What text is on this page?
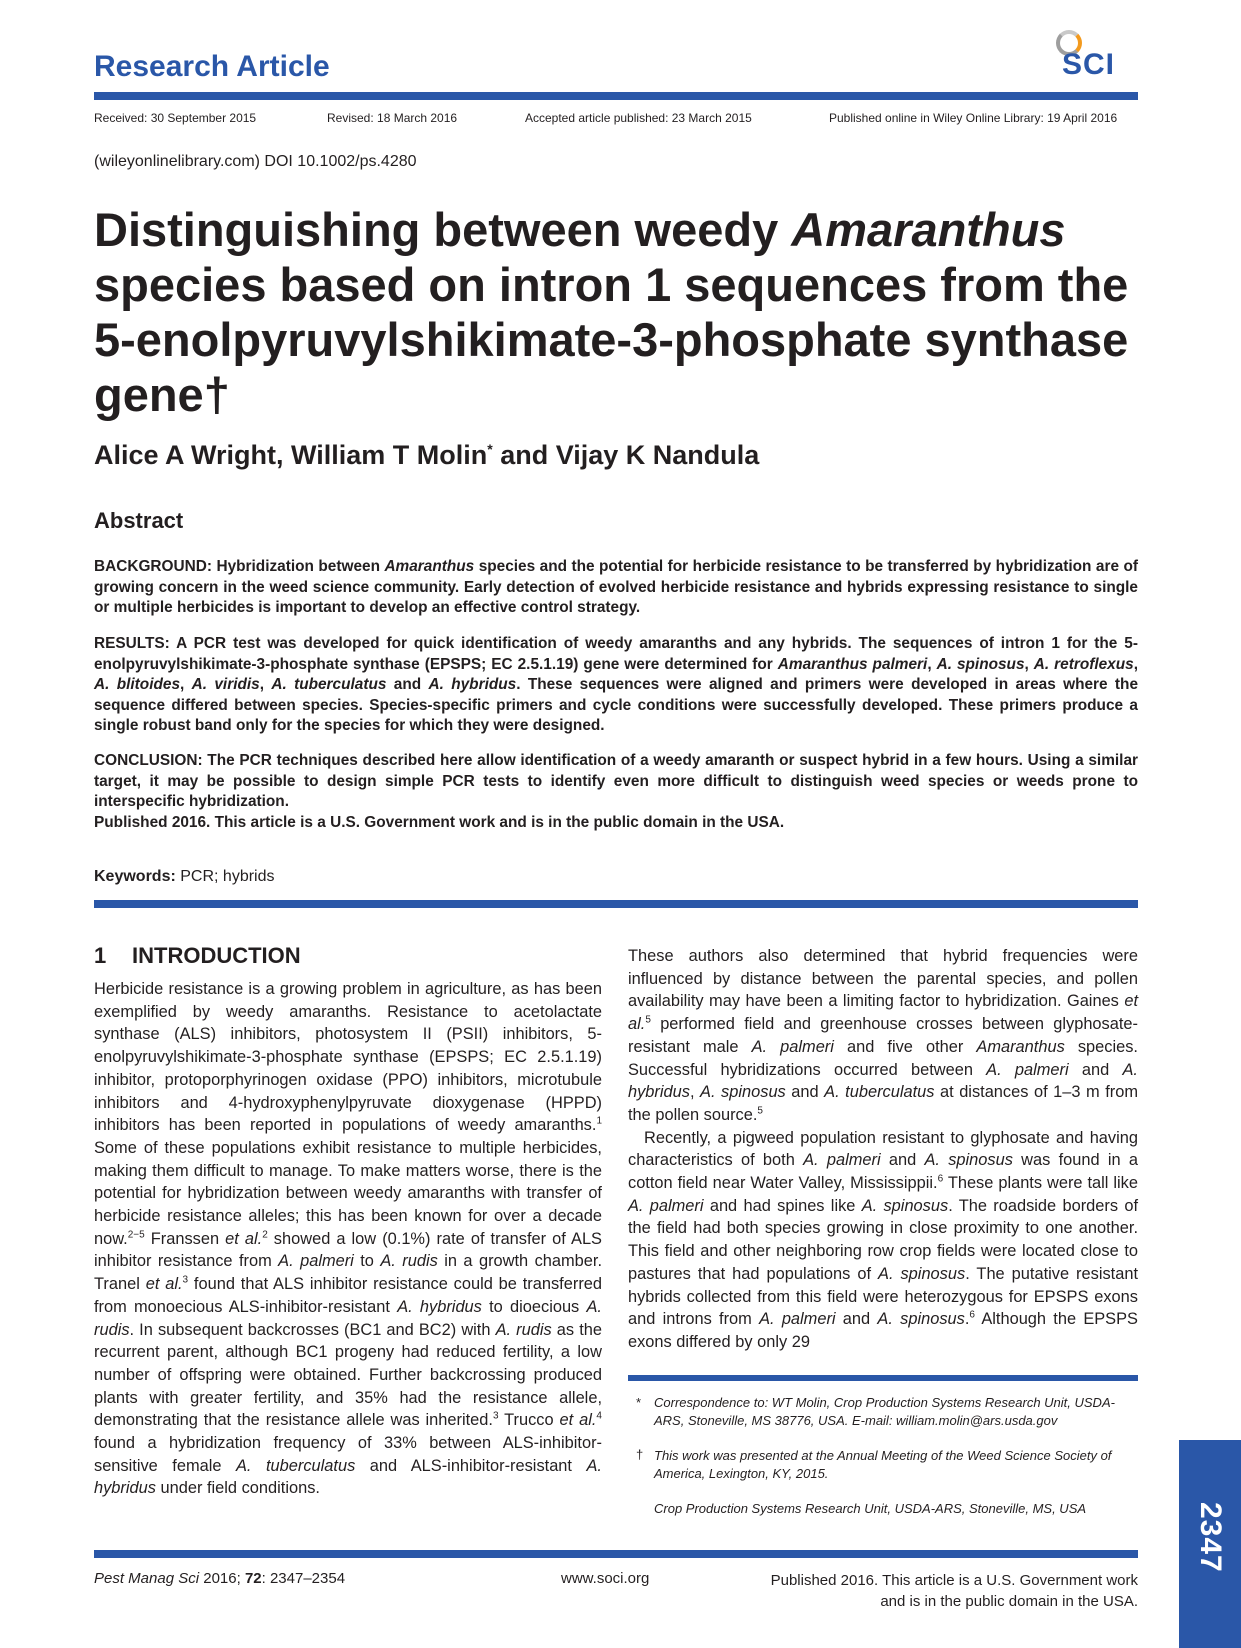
Research Article	SCI
Received: 30 September 2015	Revised: 18 March 2016	Accepted article published: 23 March 2015	Published online in Wiley Online Library: 19 April 2016
(wileyonlinelibrary.com) DOI 10.1002/ps.4280
Distinguishing between weedy Amaranthus species based on intron 1 sequences from the 5-enolpyruvylshikimate-3-phosphate synthase gene†
Alice A Wright, William T Molin* and Vijay K Nandula
Abstract
BACKGROUND: Hybridization between Amaranthus species and the potential for herbicide resistance to be transferred by hybridization are of growing concern in the weed science community. Early detection of evolved herbicide resistance and hybrids expressing resistance to single or multiple herbicides is important to develop an effective control strategy.
RESULTS: A PCR test was developed for quick identification of weedy amaranths and any hybrids. The sequences of intron 1 for the 5-enolpyruvylshikimate-3-phosphate synthase (EPSPS; EC 2.5.1.19) gene were determined for Amaranthus palmeri, A. spinosus, A. retroflexus, A. blitoides, A. viridis, A. tuberculatus and A. hybridus. These sequences were aligned and primers were developed in areas where the sequence differed between species. Species-specific primers and cycle conditions were successfully developed. These primers produce a single robust band only for the species for which they were designed.
CONCLUSION: The PCR techniques described here allow identification of a weedy amaranth or suspect hybrid in a few hours. Using a similar target, it may be possible to design simple PCR tests to identify even more difficult to distinguish weed species or weeds prone to interspecific hybridization.
Published 2016. This article is a U.S. Government work and is in the public domain in the USA.
Keywords: PCR; hybrids
1 INTRODUCTION

Herbicide resistance is a growing problem in agriculture, as has been exemplified by weedy amaranths. Resistance to acetolactate synthase (ALS) inhibitors, photosystem II (PSII) inhibitors, 5-enolpyruvylshikimate-3-phosphate synthase (EPSPS; EC 2.5.1.19) inhibitor, protoporphyrinogen oxidase (PPO) inhibitors, microtubule inhibitors and 4-hydroxyphenylpyruvate dioxygenase (HPPD) inhibitors has been reported in populations of weedy amaranths.$^1$ Some of these populations exhibit resistance to multiple herbicides, making them difficult to manage. To make matters worse, there is the potential for hybridization between weedy amaranths with transfer of herbicide resistance alleles; this has been known for over a decade now.$^{2-5}$ Franssen et al.$^2$ showed a low (0.1%) rate of transfer of ALS inhibitor resistance from A. palmeri to A. rudis in a growth chamber. Tranel et al.$^3$ found that ALS inhibitor resistance could be transferred from monoecious ALS-inhibitor-resistant A. hybridus to dioecious A. rudis. In subsequent backcrosses (BC1 and BC2) with A. rudis as the recurrent parent, although BC1 progeny had reduced fertility, a low number of offspring were obtained. Further backcrossing produced plants with greater fertility, and 35% had the resistance allele, demonstrating that the resistance allele was inherited.$^3$ Trucco et al.$^4$ found a hybridization frequency of 33% between ALS-inhibitor-sensitive female A. tuberculatus and ALS-inhibitor-resistant A. hybridus under field conditions.

These authors also determined that hybrid frequencies were influenced by distance between the parental species, and pollen availability may have been a limiting factor to hybridization. Gaines et al.$^5$ performed field and greenhouse crosses between glyphosate-resistant male A. palmeri and five other Amaranthus species. Successful hybridizations occurred between A. palmeri and A. hybridus, A. spinosus and A. tuberculatus at distances of 1–3 m from the pollen source.$^5$

Recently, a pigweed population resistant to glyphosate and having characteristics of both A. palmeri and A. spinosus was found in a cotton field near Water Valley, Mississippii.$^6$ These plants were tall like A. palmeri and had spines like A. spinosus. The roadside borders of the field had both species growing in close proximity to one another. This field and other neighboring row crop fields were located close to pastures that had populations of A. spinosus. The putative resistant hybrids collected from this field were heterozygous for EPSPS exons and introns from A. palmeri and A. spinosus.$^6$ Although the EPSPS exons differed by only 29

* Correspondence to: WT Molin, Crop Production Systems Research Unit, USDA-ARS, Stoneville, MS 38776, USA. E-mail: william.molin@ars.usda.gov
† This work was presented at the Annual Meeting of the Weed Science Society of America, Lexington, KY, 2015.
Crop Production Systems Research Unit, USDA-ARS, Stoneville, MS, USA	2347
Pest Manag Sci 2016; 72: 2347–2354	www.soci.org	Published 2016. This article is a U.S. Government work
and is in the public domain in the USA.
